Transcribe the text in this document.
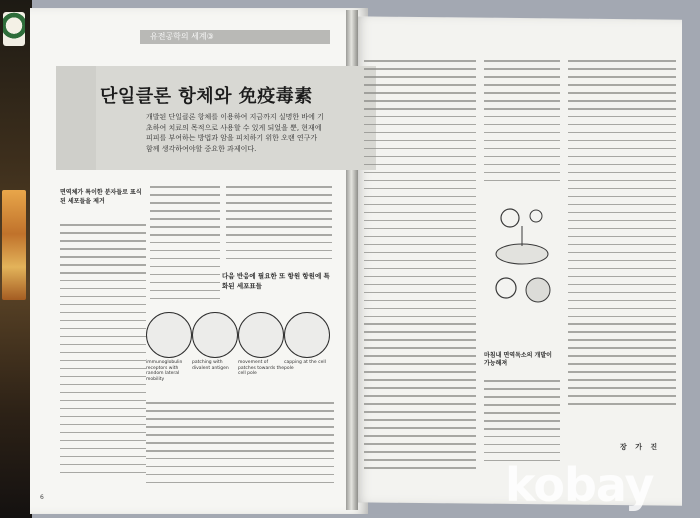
유전공학의 세계③
단일클론 항체와 免疫毒素
개발된 단일클론 항체를 이용하여 지금까지 실명한 바에 기초하여 치료의 목적으로 사용할 수 있게 되었을 뿐, 현재에 피피를 부여하는 방법과 암을 피치하기 위한 오랜 연구가 함께 생각하여야할 중요한 과제이다.
면역체가 특이한 분자들로 표식된 세포들을 제거
다음 반응에 필요한 또 항원 항원에 특화된 세포표들
immunoglobulin receptors with random lateral mobility
patching with divalent antigen
movement of patches towards the cell pole
capping at the cell pole
마침내 면역독소의 개발이 가능해져
장 가 진
6	kobay
